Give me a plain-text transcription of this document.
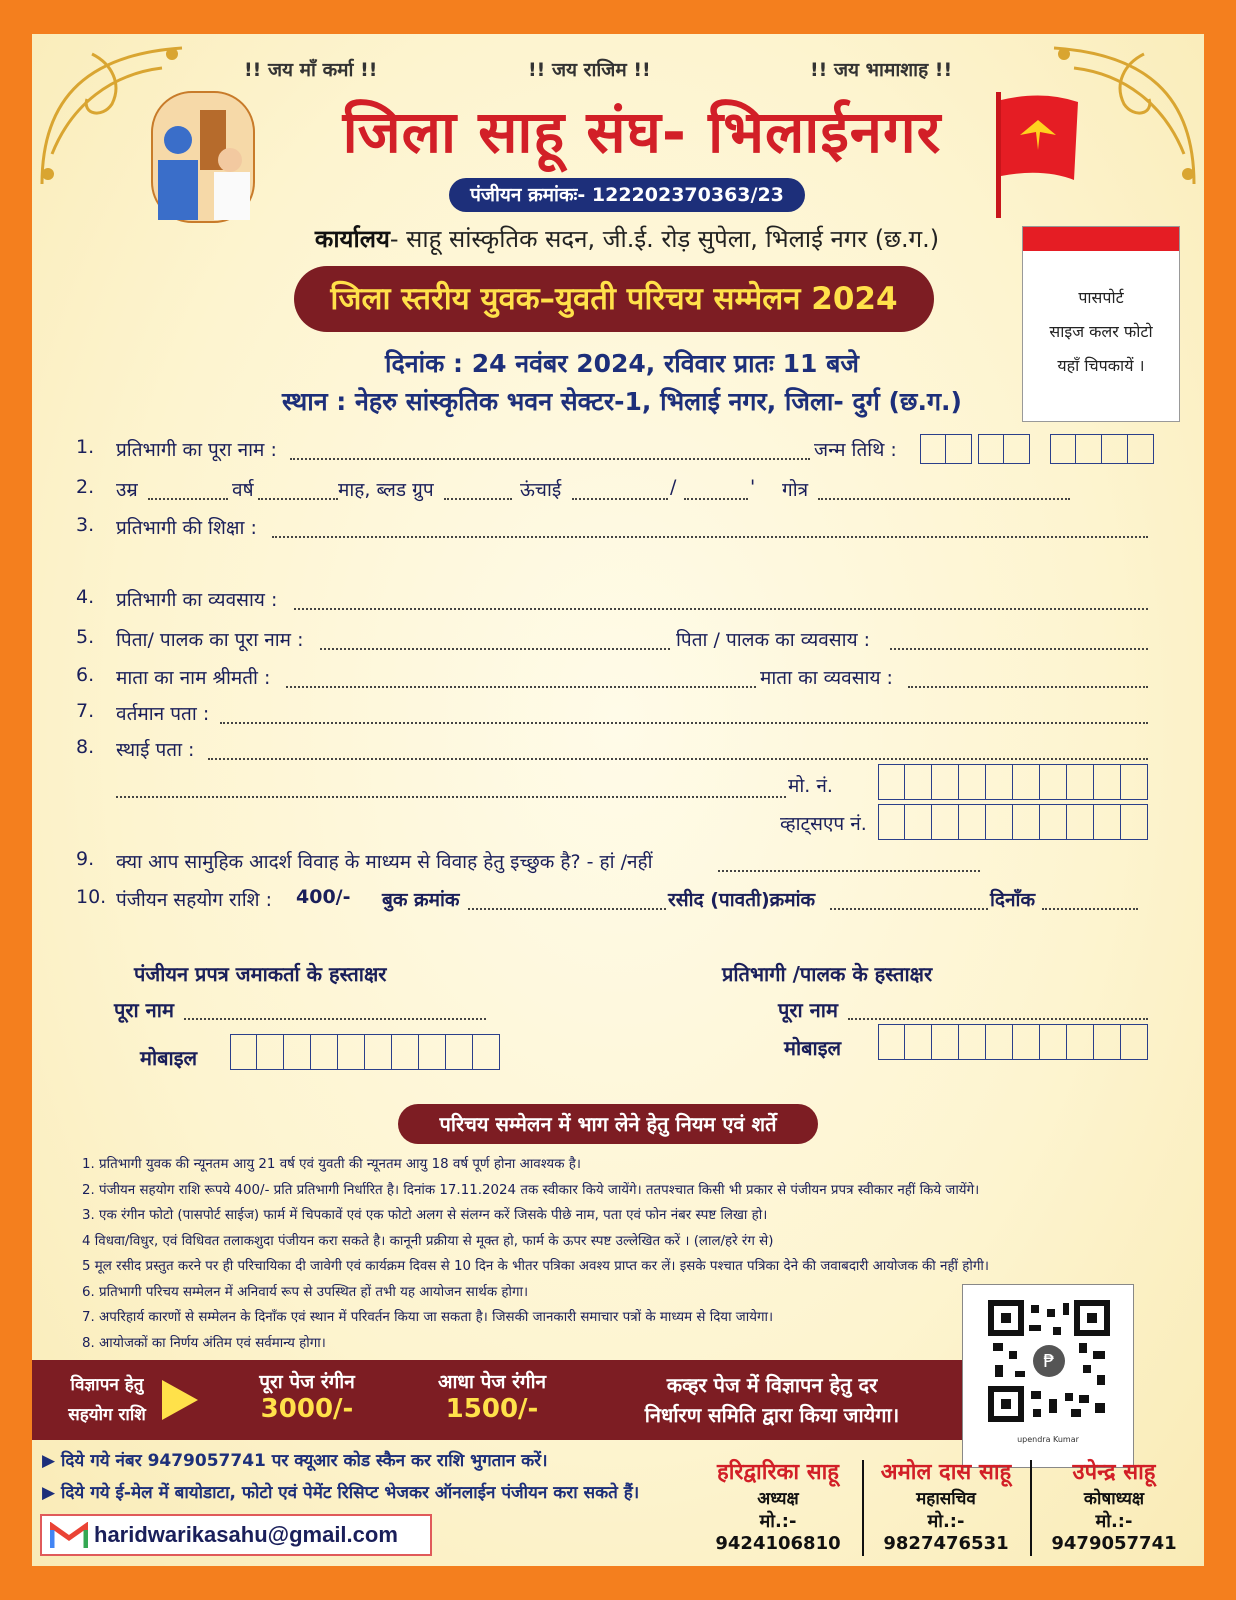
!! जय माँ कर्मा !!	!! जय राजिम !!	!! जय भामाशाह !!
जिला साहू संघ- भिलाईनगर
पंजीयन क्रमांकः- 122202370363/23
कार्यालय- साहू सांस्कृतिक सदन, जी.ई. रोड़ सुपेला, भिलाई नगर (छ.ग.)
जिला स्तरीय युवक–युवती परिचय सम्मेलन 2024
दिनांक : 24 नवंबर 2024, रविवार प्रातः 11 बजे
स्थान : नेहरु सांस्कृतिक भवन सेक्टर-1, भिलाई नगर, जिला- दुर्ग (छ.ग.)
पासपोर्ट
साइज कलर फोटो
यहाँ चिपकायें ।
1. प्रतिभागी का पूरा नाम :	जन्म तिथि :
2. उम्र	वर्ष	माह, ब्लड ग्रुप	ऊंचाई	/	' गोत्र
3. प्रतिभागी की शिक्षा :
4. प्रतिभागी का व्यवसाय :
5. पिता/ पालक का पूरा नाम :	पिता / पालक का व्यवसाय :
6. माता का नाम श्रीमती :	माता का व्यवसाय :
7. वर्तमान पता :
8. स्थाई पता :
मो. नं.
व्हाट्सएप नं.
9. क्या आप सामुहिक आदर्श विवाह के माध्यम से विवाह हेतु इच्छुक है? - हां /नहीं
10. पंजीयन सहयोग राशि : 400/- बुक क्रमांक	रसीद (पावती)क्रमांक	दिनाँक
पंजीयन प्रपत्र जमाकर्ता के हस्ताक्षर
पूरा नाम
मोबाइल
प्रतिभागी /पालक के हस्ताक्षर
पूरा नाम
मोबाइल
परिचय सम्मेलन में भाग लेने हेतु नियम एवं शर्ते
1. प्रतिभागी युवक की न्यूनतम आयु 21 वर्ष एवं युवती की न्यूनतम आयु 18 वर्ष पूर्ण होना आवश्यक है।
2. पंजीयन सहयोग राशि रूपये 400/- प्रति प्रतिभागी निर्धारित है। दिनांक 17.11.2024 तक स्वीकार किये जायेंगे। ततपश्चात किसी भी प्रकार से पंजीयन प्रपत्र स्वीकार नहीं किये जायेंगे।
3. एक रंगीन फोटो (पासपोर्ट साईज) फार्म में चिपकावें एवं एक फोटो अलग से संलग्न करें जिसके पीछे नाम, पता एवं फोन नंबर स्पष्ट लिखा हो।
4 विधवा/विधुर, एवं विधिवत तलाकशुदा पंजीयन करा सकते है। कानूनी प्रक्रीया से मूक्त हो, फार्म के ऊपर स्पष्ट उल्लेखित करें । (लाल/हरे रंग से)
5 मूल रसीद प्रस्तुत करने पर ही परिचायिका दी जावेगी एवं कार्यक्रम दिवस से 10 दिन के भीतर पत्रिका अवश्य प्राप्त कर लें। इसके पश्चात पत्रिका देने की जवाबदारी आयोजक की नहीं होगी।
6. प्रतिभागी परिचय सम्मेलन में अनिवार्य रूप से उपस्थित हों तभी यह आयोजन सार्थक होगा।
7. अपरिहार्य कारणों से सम्मेलन के दिनाँक एवं स्थान में परिवर्तन किया जा सकता है। जिसकी जानकारी समाचार पत्रों के माध्यम से दिया जायेगा।
8. आयोजकों का निर्णय अंतिम एवं सर्वमान्य होगा।
विज्ञापन हेतु
सहयोग राशि
पूरा पेज रंगीन
3000/-
आधा पेज रंगीन
1500/-
कव्हर पेज में विज्ञापन हेतु दर
निर्धारण समिति द्वारा किया जायेगा।
₱
upendra Kumar
▶ दिये गये नंबर 9479057741 पर क्यूआर कोड स्कैन कर राशि भुगतान करें।
▶ दिये गये ई-मेल में बायोडाटा, फोटो एवं पेमेंट रिसिप्ट भेजकर ऑनलाईन पंजीयन करा सकते हैं।
haridwarikasahu@gmail.com
हरिद्वारिका साहू
अध्यक्ष
मो.:- 9424106810
अमोल दास साहू
महासचिव
मो.:- 9827476531
उपेन्द्र साहू
कोषाध्यक्ष
मो.:- 9479057741
